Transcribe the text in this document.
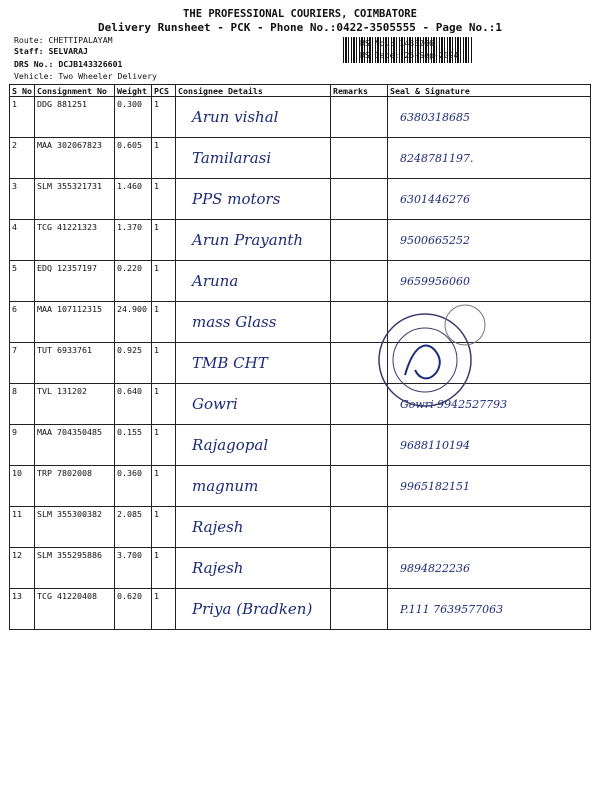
THE PROFESSIONAL COURIERS, COIMBATORE
Delivery Runsheet - PCK - Phone No.:0422-3505555 - Page No.:1
Route: CHETTIPALAYAM
Staff: SELVARAJ
DRS No.: DCJB143326601
Vehicle: Two Wheeler Delivery
RS No.: 1433266
RS Date: 25-Sep-2024
S No	Consignment No	Weight	PCS	Consignee Details	Remarks	Seal & Signature
1	DDG 881251	0.300	1	Arun vishal		6380318685
2	MAA 302067823	0.605	1	Tamilarasi		8248781197.
3	SLM 355321731	1.460	1	PPS motors		6301446276
4	TCG 41221323	1.370	1	Arun Prayanth		9500665252
5	EDQ 12357197	0.220	1	Aruna		9659956060
6	MAA 107112315	24.900	1	mass Glass		
7	TUT 6933761	0.925	1	TMB CHT		
8	TVL 131202	0.640	1	Gowri		Gowri 9942527793
9	MAA 704350485	0.155	1	Rajagopal		9688110194
10	TRP 7802008	0.360	1	magnum		9965182151
11	SLM 355300382	2.085	1	Rajesh		
12	SLM 355295886	3.700	1	Rajesh		9894822236
13	TCG 41220408	0.620	1	Priya (Bradken)		P.111 7639577063
